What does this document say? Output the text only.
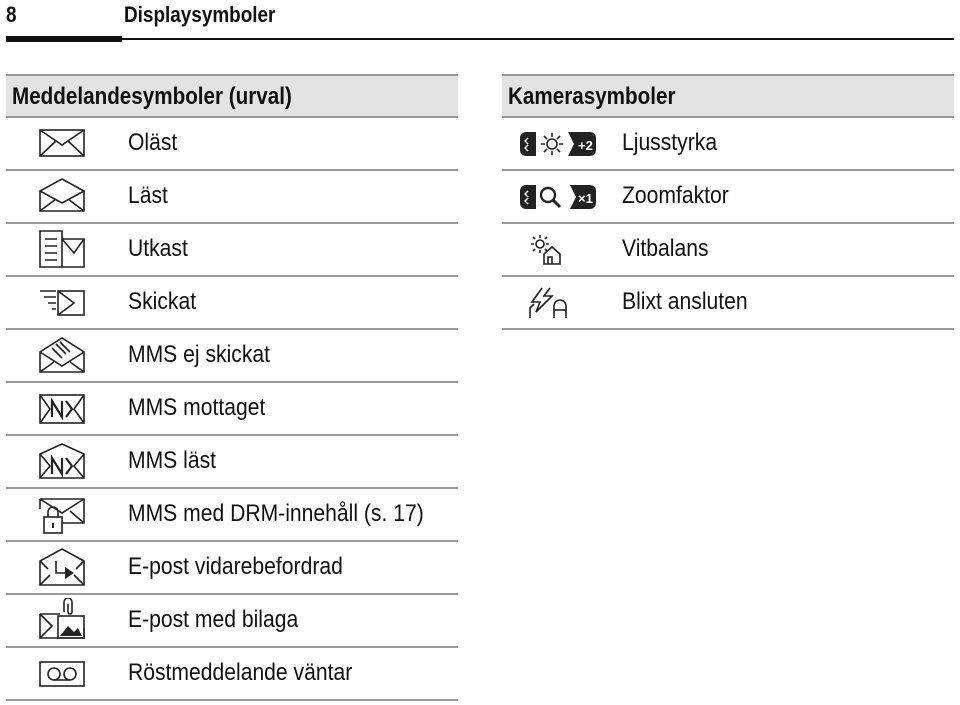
8	Displaysymboler
Meddelandesymboler (urval)
Oläst
Läst
Utkast
Skickat
MMS ej skickat
MMS mottaget
MMS läst
MMS med DRM-innehåll (s. 17)
E-post vidarebefordrad
E-post med bilaga
Röstmeddelande väntar
Kamerasymboler
+2 Ljusstyrka
×1 Zoomfaktor
Vitbalans
Blixt ansluten
